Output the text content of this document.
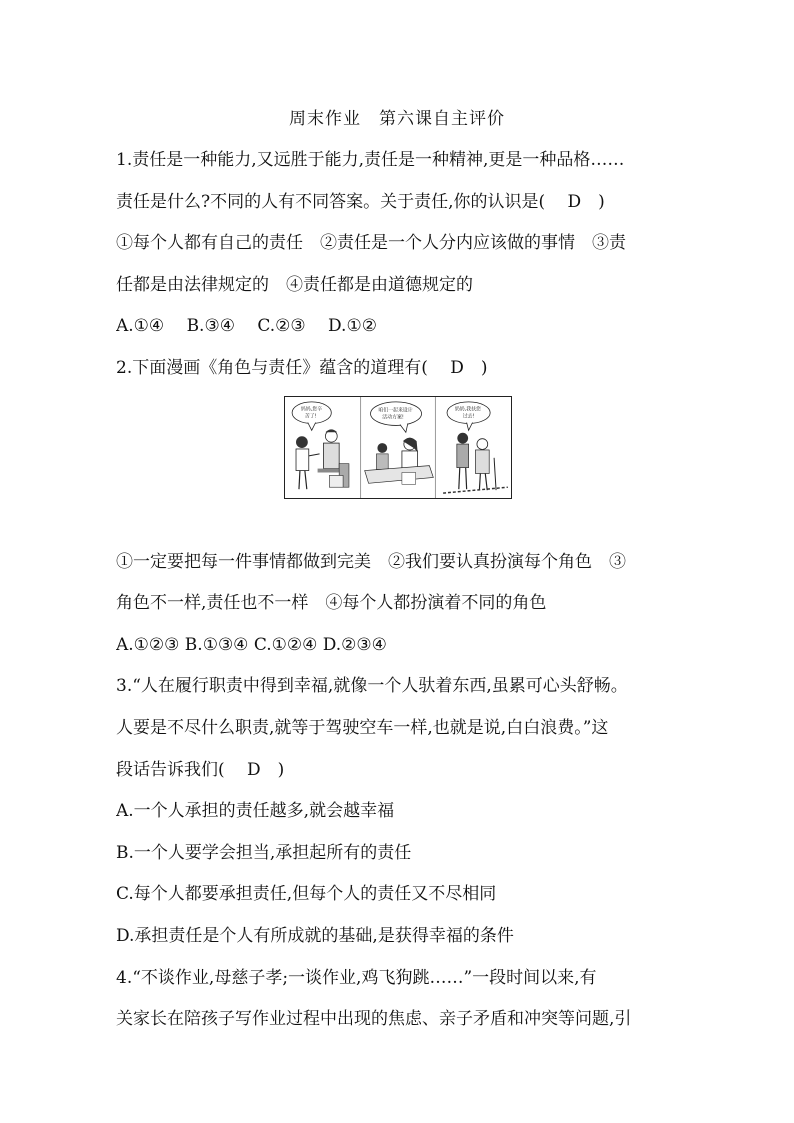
周末作业　第六课自主评价
1.责任是一种能力,又远胜于能力,责任是一种精神,更是一种品格……
责任是什么?不同的人有不同答案。关于责任,你的认识是(　 D　)
①每个人都有自己的责任　②责任是一个人分内应该做的事情　③责
任都是由法律规定的　④责任都是由道德规定的
A.①④　 B.③④　 C.②③　 D.①②
2.下面漫画《角色与责任》蕴含的道理有(　 D　)
妈妈,您辛
苦了!
咱们一起来设计
活动方案!
奶奶,我扶您
过去!
①一定要把每一件事情都做到完美　②我们要认真扮演每个角色　③
角色不一样,责任也不一样　④每个人都扮演着不同的角色
A.①②③ B.①③④ C.①②④ D.②③④
3.“人在履行职责中得到幸福,就像一个人驮着东西,虽累可心头舒畅。
人要是不尽什么职责,就等于驾驶空车一样,也就是说,白白浪费。”这
段话告诉我们(　 D　)
A.一个人承担的责任越多,就会越幸福
B.一个人要学会担当,承担起所有的责任
C.每个人都要承担责任,但每个人的责任又不尽相同
D.承担责任是个人有所成就的基础,是获得幸福的条件
4.“不谈作业,母慈子孝;一谈作业,鸡飞狗跳……”一段时间以来,有
关家长在陪孩子写作业过程中出现的焦虑、亲子矛盾和冲突等问题,引
